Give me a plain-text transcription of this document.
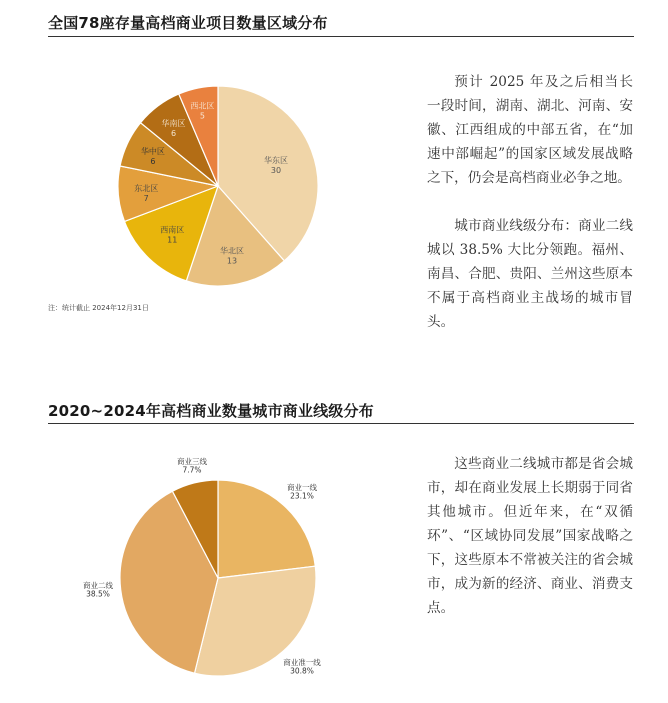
全国78座存量高档商业项目数量区域分布
华东区
30
华北区
13
西南区
11
东北区
7
华中区
6
华南区
6
西北区
5

注：统计截止 2024年12月31日

预计 2025 年及之后相当长一段时间，湖南、湖北、河南、安徽、江西组成的中部五省，在“加速中部崛起”的国家区域发展战略之下，仍会是高档商业必争之地。

城市商业线级分布：商业二线城以 38.5% 大比分领跑。福州、南昌、合肥、贵阳、兰州这些原本不属于高档商业主战场的城市冒头。

2020~2024年高档商业数量城市商业线级分布
商业一线
23.1%
商业准一线
30.8%
商业二线
38.5%
商业三线
7.7%	这些商业二线城市都是省会城市，却在商业发展上长期弱于同省其他城市。但近年来，在“双循环”、“区域协同发展”国家战略之下，这些原本不常被关注的省会城市，成为新的经济、商业、消费支点。
